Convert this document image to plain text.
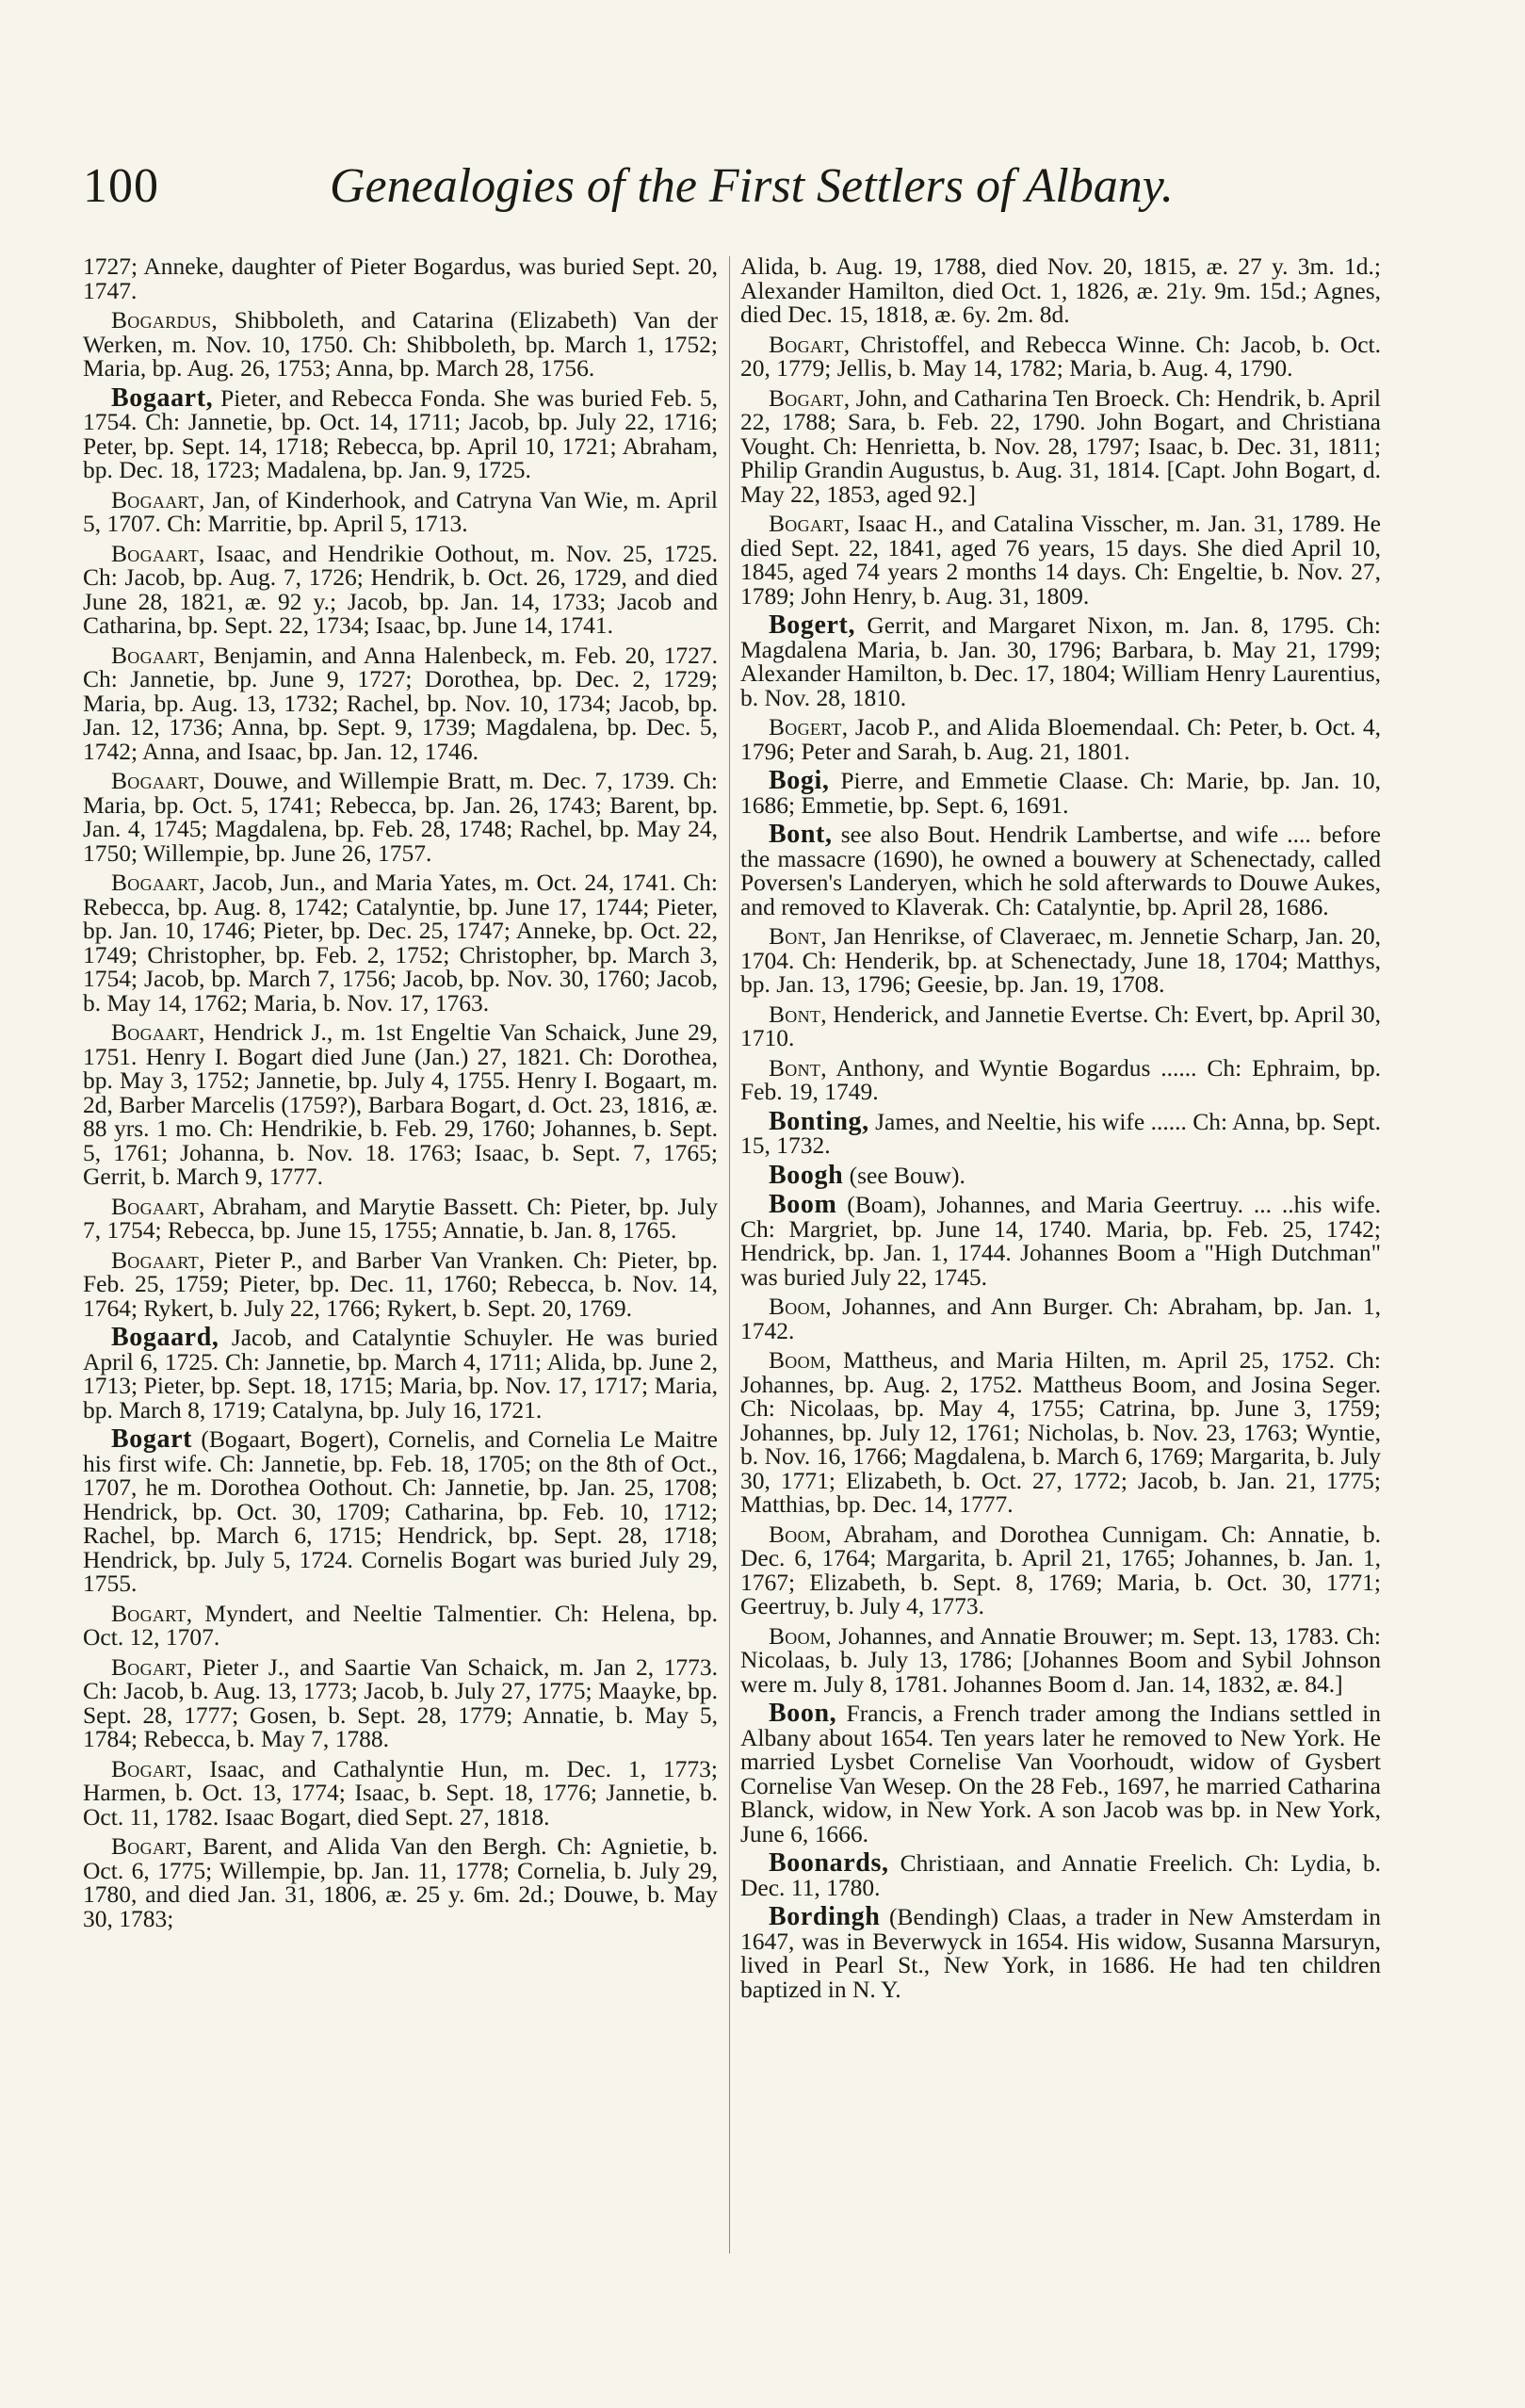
100	Genealogies of the First Settlers of Albany.

1727; Anneke, daughter of Pieter Bogardus, was buried Sept. 20, 1747.

Bogardus, Shibboleth, and Catarina (Elizabeth) Van der Werken, m. Nov. 10, 1750. Ch: Shibboleth, bp. March 1, 1752; Maria, bp. Aug. 26, 1753; Anna, bp. March 28, 1756.

Bogaart, Pieter, and Rebecca Fonda. She was buried Feb. 5, 1754. Ch: Jannetie, bp. Oct. 14, 1711; Jacob, bp. July 22, 1716; Peter, bp. Sept. 14, 1718; Rebecca, bp. April 10, 1721; Abraham, bp. Dec. 18, 1723; Madalena, bp. Jan. 9, 1725.

Bogaart, Jan, of Kinderhook, and Catryna Van Wie, m. April 5, 1707. Ch: Marritie, bp. April 5, 1713.

Bogaart, Isaac, and Hendrikie Oothout, m. Nov. 25, 1725. Ch: Jacob, bp. Aug. 7, 1726; Hendrik, b. Oct. 26, 1729, and died June 28, 1821, æ. 92 y.; Jacob, bp. Jan. 14, 1733; Jacob and Catharina, bp. Sept. 22, 1734; Isaac, bp. June 14, 1741.

Bogaart, Benjamin, and Anna Halenbeck, m. Feb. 20, 1727. Ch: Jannetie, bp. June 9, 1727; Dorothea, bp. Dec. 2, 1729; Maria, bp. Aug. 13, 1732; Rachel, bp. Nov. 10, 1734; Jacob, bp. Jan. 12, 1736; Anna, bp. Sept. 9, 1739; Magdalena, bp. Dec. 5, 1742; Anna, and Isaac, bp. Jan. 12, 1746.

Bogaart, Douwe, and Willempie Bratt, m. Dec. 7, 1739. Ch: Maria, bp. Oct. 5, 1741; Rebecca, bp. Jan. 26, 1743; Barent, bp. Jan. 4, 1745; Magdalena, bp. Feb. 28, 1748; Rachel, bp. May 24, 1750; Willempie, bp. June 26, 1757.

Bogaart, Jacob, Jun., and Maria Yates, m. Oct. 24, 1741. Ch: Rebecca, bp. Aug. 8, 1742; Catalyntie, bp. June 17, 1744; Pieter, bp. Jan. 10, 1746; Pieter, bp. Dec. 25, 1747; Anneke, bp. Oct. 22, 1749; Christopher, bp. Feb. 2, 1752; Christopher, bp. March 3, 1754; Jacob, bp. March 7, 1756; Jacob, bp. Nov. 30, 1760; Jacob, b. May 14, 1762; Maria, b. Nov. 17, 1763.

Bogaart, Hendrick J., m. 1st Engeltie Van Schaick, June 29, 1751. Henry I. Bogart died June (Jan.) 27, 1821. Ch: Dorothea, bp. May 3, 1752; Jannetie, bp. July 4, 1755. Henry I. Bogaart, m. 2d, Barber Marcelis (1759?), Barbara Bogart, d. Oct. 23, 1816, æ. 88 yrs. 1 mo. Ch: Hendrikie, b. Feb. 29, 1760; Johannes, b. Sept. 5, 1761; Johanna, b. Nov. 18. 1763; Isaac, b. Sept. 7, 1765; Gerrit, b. March 9, 1777.

Bogaart, Abraham, and Marytie Bassett. Ch: Pieter, bp. July 7, 1754; Rebecca, bp. June 15, 1755; Annatie, b. Jan. 8, 1765.

Bogaart, Pieter P., and Barber Van Vranken. Ch: Pieter, bp. Feb. 25, 1759; Pieter, bp. Dec. 11, 1760; Rebecca, b. Nov. 14, 1764; Rykert, b. July 22, 1766; Rykert, b. Sept. 20, 1769.

Bogaard, Jacob, and Catalyntie Schuyler. He was buried April 6, 1725. Ch: Jannetie, bp. March 4, 1711; Alida, bp. June 2, 1713; Pieter, bp. Sept. 18, 1715; Maria, bp. Nov. 17, 1717; Maria, bp. March 8, 1719; Catalyna, bp. July 16, 1721.

Bogart (Bogaart, Bogert), Cornelis, and Cornelia Le Maitre his first wife. Ch: Jannetie, bp. Feb. 18, 1705; on the 8th of Oct., 1707, he m. Dorothea Oothout. Ch: Jannetie, bp. Jan. 25, 1708; Hendrick, bp. Oct. 30, 1709; Catharina, bp. Feb. 10, 1712; Rachel, bp. March 6, 1715; Hendrick, bp. Sept. 28, 1718; Hendrick, bp. July 5, 1724. Cornelis Bogart was buried July 29, 1755.

Bogart, Myndert, and Neeltie Talmentier. Ch: Helena, bp. Oct. 12, 1707.

Bogart, Pieter J., and Saartie Van Schaick, m. Jan 2, 1773. Ch: Jacob, b. Aug. 13, 1773; Jacob, b. July 27, 1775; Maayke, bp. Sept. 28, 1777; Gosen, b. Sept. 28, 1779; Annatie, b. May 5, 1784; Rebecca, b. May 7, 1788.

Bogart, Isaac, and Cathalyntie Hun, m. Dec. 1, 1773; Harmen, b. Oct. 13, 1774; Isaac, b. Sept. 18, 1776; Jannetie, b. Oct. 11, 1782. Isaac Bogart, died Sept. 27, 1818.

Bogart, Barent, and Alida Van den Bergh. Ch: Agnietie, b. Oct. 6, 1775; Willempie, bp. Jan. 11, 1778; Cornelia, b. July 29, 1780, and died Jan. 31, 1806, æ. 25 y. 6m. 2d.; Douwe, b. May 30, 1783;

Alida, b. Aug. 19, 1788, died Nov. 20, 1815, æ. 27 y. 3m. 1d.; Alexander Hamilton, died Oct. 1, 1826, æ. 21y. 9m. 15d.; Agnes, died Dec. 15, 1818, æ. 6y. 2m. 8d.

Bogart, Christoffel, and Rebecca Winne. Ch: Jacob, b. Oct. 20, 1779; Jellis, b. May 14, 1782; Maria, b. Aug. 4, 1790.

Bogart, John, and Catharina Ten Broeck. Ch: Hendrik, b. April 22, 1788; Sara, b. Feb. 22, 1790. John Bogart, and Christiana Vought. Ch: Henrietta, b. Nov. 28, 1797; Isaac, b. Dec. 31, 1811; Philip Grandin Augustus, b. Aug. 31, 1814. [Capt. John Bogart, d. May 22, 1853, aged 92.]

Bogart, Isaac H., and Catalina Visscher, m. Jan. 31, 1789. He died Sept. 22, 1841, aged 76 years, 15 days. She died April 10, 1845, aged 74 years 2 months 14 days. Ch: Engeltie, b. Nov. 27, 1789; John Henry, b. Aug. 31, 1809.

Bogert, Gerrit, and Margaret Nixon, m. Jan. 8, 1795. Ch: Magdalena Maria, b. Jan. 30, 1796; Barbara, b. May 21, 1799; Alexander Hamilton, b. Dec. 17, 1804; William Henry Laurentius, b. Nov. 28, 1810.

Bogert, Jacob P., and Alida Bloemendaal. Ch: Peter, b. Oct. 4, 1796; Peter and Sarah, b. Aug. 21, 1801.

Bogi, Pierre, and Emmetie Claase. Ch: Marie, bp. Jan. 10, 1686; Emmetie, bp. Sept. 6, 1691.

Bont, see also Bout. Hendrik Lambertse, and wife .... before the massacre (1690), he owned a bouwery at Schenectady, called Poversen's Landeryen, which he sold afterwards to Douwe Aukes, and removed to Klaverak. Ch: Catalyntie, bp. April 28, 1686.

Bont, Jan Henrikse, of Claveraec, m. Jennetie Scharp, Jan. 20, 1704. Ch: Henderik, bp. at Schenectady, June 18, 1704; Matthys, bp. Jan. 13, 1796; Geesie, bp. Jan. 19, 1708.

Bont, Henderick, and Jannetie Evertse. Ch: Evert, bp. April 30, 1710.

Bont, Anthony, and Wyntie Bogardus ...... Ch: Ephraim, bp. Feb. 19, 1749.

Bonting, James, and Neeltie, his wife ...... Ch: Anna, bp. Sept. 15, 1732.

Boogh (see Bouw).

Boom (Boam), Johannes, and Maria Geertruy. ... ..his wife. Ch: Margriet, bp. June 14, 1740. Maria, bp. Feb. 25, 1742; Hendrick, bp. Jan. 1, 1744. Johannes Boom a "High Dutchman" was buried July 22, 1745.

Boom, Johannes, and Ann Burger. Ch: Abraham, bp. Jan. 1, 1742.

Boom, Mattheus, and Maria Hilten, m. April 25, 1752. Ch: Johannes, bp. Aug. 2, 1752. Mattheus Boom, and Josina Seger. Ch: Nicolaas, bp. May 4, 1755; Catrina, bp. June 3, 1759; Johannes, bp. July 12, 1761; Nicholas, b. Nov. 23, 1763; Wyntie, b. Nov. 16, 1766; Magdalena, b. March 6, 1769; Margarita, b. July 30, 1771; Elizabeth, b. Oct. 27, 1772; Jacob, b. Jan. 21, 1775; Matthias, bp. Dec. 14, 1777.

Boom, Abraham, and Dorothea Cunnigam. Ch: Annatie, b. Dec. 6, 1764; Margarita, b. April 21, 1765; Johannes, b. Jan. 1, 1767; Elizabeth, b. Sept. 8, 1769; Maria, b. Oct. 30, 1771; Geertruy, b. July 4, 1773.

Boom, Johannes, and Annatie Brouwer; m. Sept. 13, 1783. Ch: Nicolaas, b. July 13, 1786; [Johannes Boom and Sybil Johnson were m. July 8, 1781. Johannes Boom d. Jan. 14, 1832, æ. 84.]

Boon, Francis, a French trader among the Indians settled in Albany about 1654. Ten years later he removed to New York. He married Lysbet Cornelise Van Voorhoudt, widow of Gysbert Cornelise Van Wesep. On the 28 Feb., 1697, he married Catharina Blanck, widow, in New York. A son Jacob was bp. in New York, June 6, 1666.

Boonards, Christiaan, and Annatie Freelich. Ch: Lydia, b. Dec. 11, 1780.

Bordingh (Bendingh) Claas, a trader in New Amsterdam in 1647, was in Beverwyck in 1654. His widow, Susanna Marsuryn, lived in Pearl St., New York, in 1686. He had ten children baptized in N. Y.
